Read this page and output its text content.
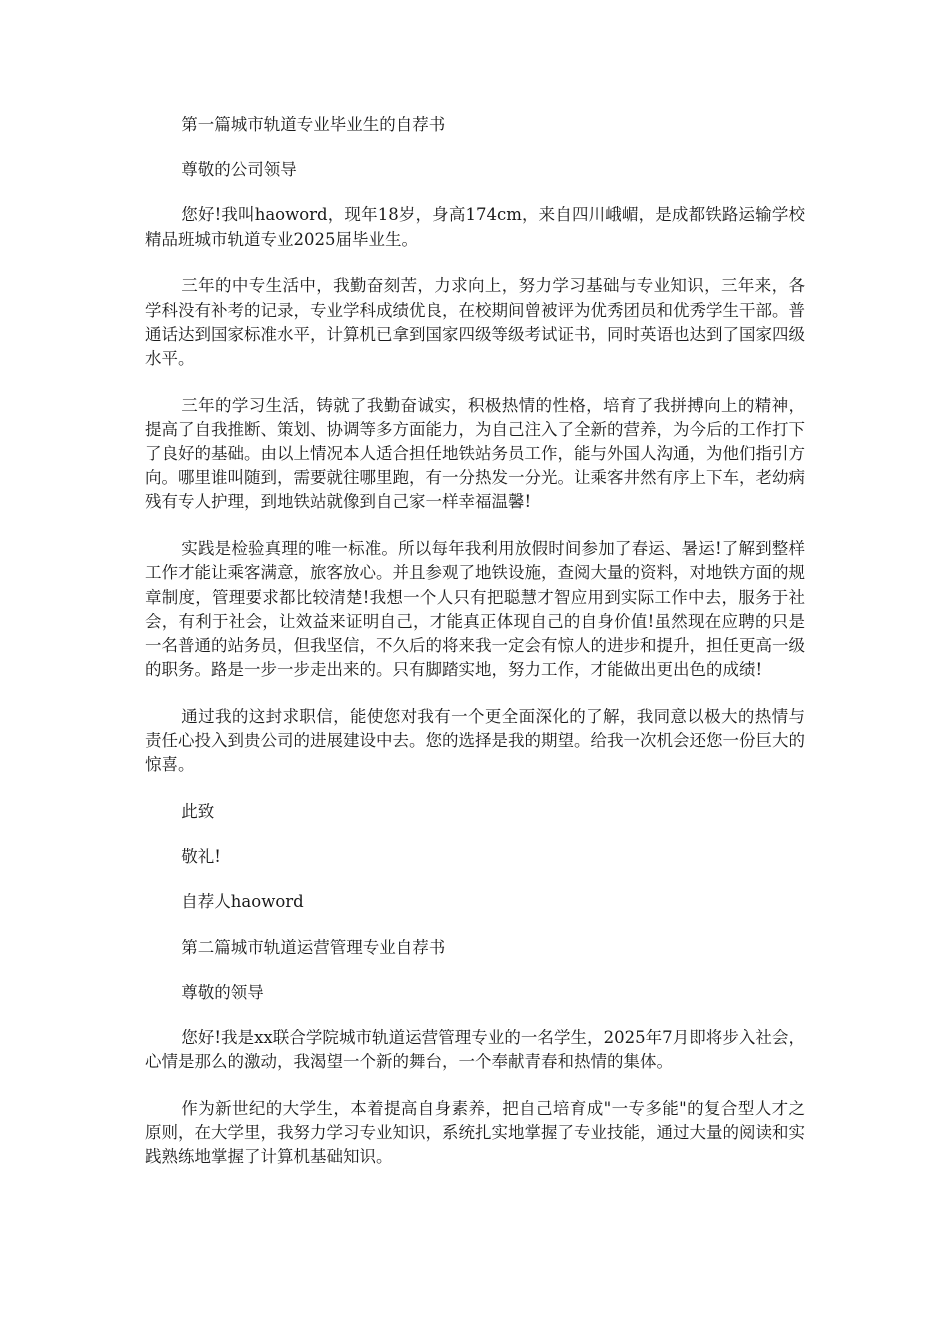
第一篇城市轨道专业毕业生的自荐书

尊敬的公司领导

您好!我叫haoword，现年18岁，身高174cm，来自四川峨嵋，是成都铁路运输学校精品班城市轨道专业2025届毕业生。

三年的中专生活中，我勤奋刻苦，力求向上，努力学习基础与专业知识，三年来，各学科没有补考的记录，专业学科成绩优良，在校期间曾被评为优秀团员和优秀学生干部。普通话达到国家标准水平，计算机已拿到国家四级等级考试证书，同时英语也达到了国家四级水平。

三年的学习生活，铸就了我勤奋诚实，积极热情的性格，培育了我拼搏向上的精神，提高了自我推断、策划、协调等多方面能力，为自己注入了全新的营养，为今后的工作打下了良好的基础。由以上情况本人适合担任地铁站务员工作，能与外国人沟通，为他们指引方向。哪里谁叫随到，需要就往哪里跑，有一分热发一分光。让乘客井然有序上下车，老幼病残有专人护理，到地铁站就像到自己家一样幸福温馨!

实践是检验真理的唯一标准。所以每年我利用放假时间参加了春运、暑运!了解到整样工作才能让乘客满意，旅客放心。并且参观了地铁设施，查阅大量的资料，对地铁方面的规章制度，管理要求都比较清楚!我想一个人只有把聪慧才智应用到实际工作中去，服务于社会，有利于社会，让效益来证明自己，才能真正体现自己的自身价值!虽然现在应聘的只是一名普通的站务员，但我坚信，不久后的将来我一定会有惊人的进步和提升，担任更高一级的职务。路是一步一步走出来的。只有脚踏实地，努力工作，才能做出更出色的成绩!

通过我的这封求职信，能使您对我有一个更全面深化的了解，我同意以极大的热情与责任心投入到贵公司的进展建设中去。您的选择是我的期望。给我一次机会还您一份巨大的惊喜。

此致

敬礼!

自荐人haoword

第二篇城市轨道运营管理专业自荐书

尊敬的领导

您好!我是xx联合学院城市轨道运营管理专业的一名学生，2025年7月即将步入社会，心情是那么的激动，我渴望一个新的舞台，一个奉献青春和热情的集体。

作为新世纪的大学生，本着提高自身素养，把自己培育成"一专多能"的复合型人才之原则，在大学里，我努力学习专业知识，系统扎实地掌握了专业技能，通过大量的阅读和实践熟练地掌握了计算机基础知识。
